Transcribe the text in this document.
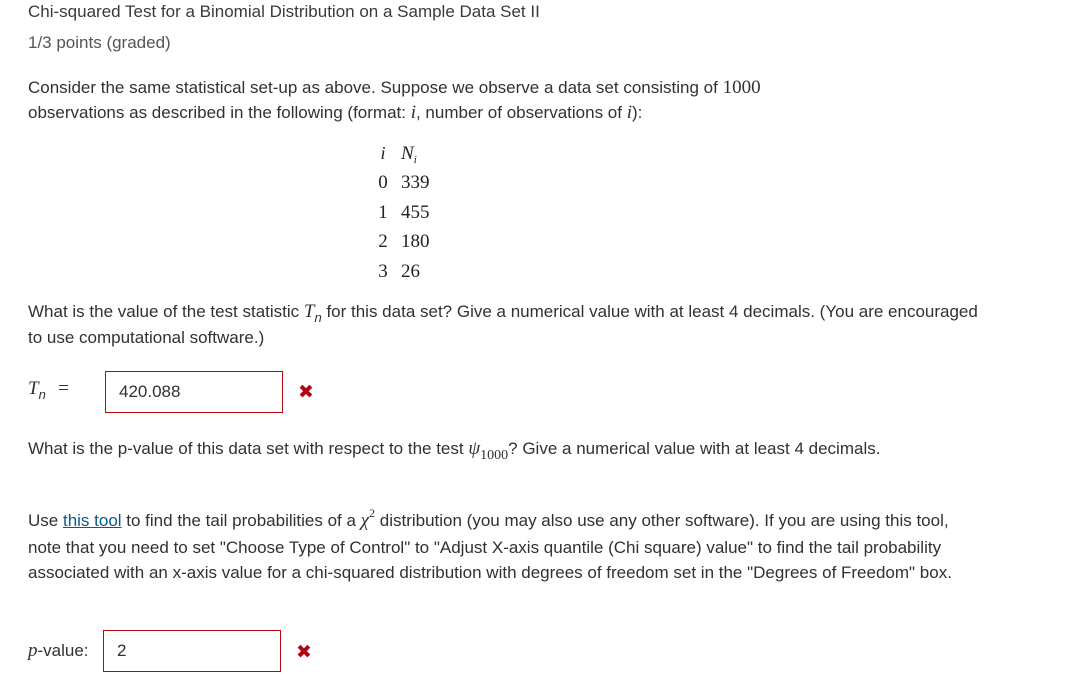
Chi-squared Test for a Binomial Distribution on a Sample Data Set II
1/3 points (graded)
Consider the same statistical set-up as above. Suppose we observe a data set consisting of 1000
observations as described in the following (format: i, number of observations of i):
i	$N_i$
0	339
1	455
2	180
3	26
What is the value of the test statistic $T_n$ for this data set? Give a numerical value with at least 4 decimals. (You are encouraged to use computational software.)
$T_n$ =	420.088	✖
What is the p-value of this data set with respect to the test $\psi_{1000}$? Give a numerical value with at least 4 decimals.
Use this tool to find the tail probabilities of a $\chi^2$ distribution (you may also use any other software). If you are using this tool, note that you need to set "Choose Type of Control" to "Adjust X-axis quantile (Chi square) value" to find the tail probability associated with an x-axis value for a chi-squared distribution with degrees of freedom set in the "Degrees of Freedom" box.
p-value:	2	✖
